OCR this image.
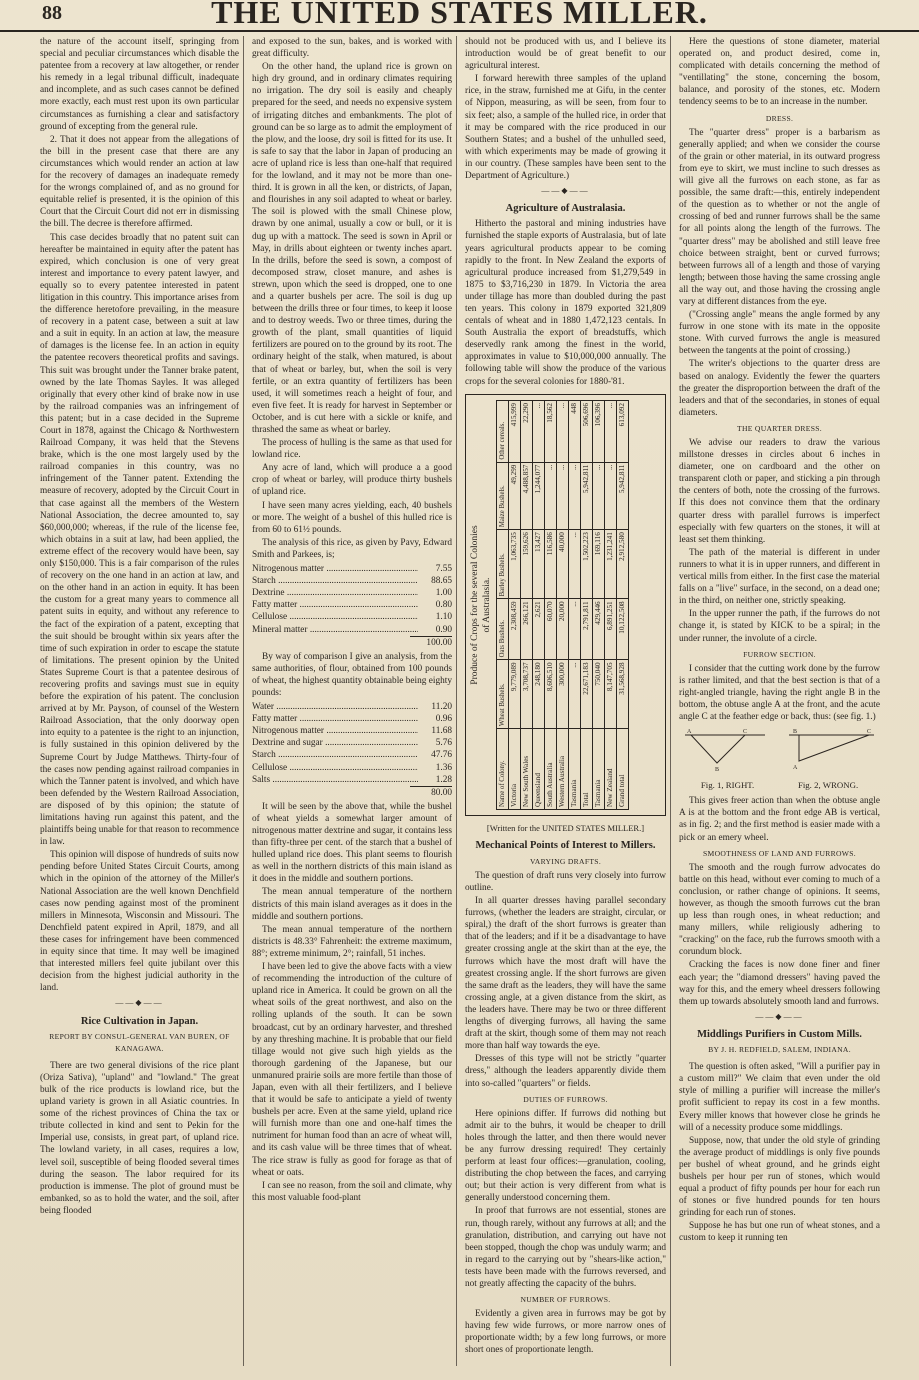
88	THE UNITED STATES MILLER.

the nature of the account itself, springing from special and peculiar circumstances which disable the patentee from a recovery at law altogether, or render his remedy in a legal tribunal difficult, inadequate and incomplete, and as such cases cannot be defined more exactly, each must rest upon its own particular circumstances as furnishing a clear and satisfactory ground of excepting from the general rule.

2. That it does not appear from the allegations of the bill in the present case that there are any circumstances which would render an action at law for the recovery of damages an inadequate remedy for the wrongs complained of, and as no ground for equitable relief is presented, it is the opinion of this Court that the Circuit Court did not err in dismissing the bill. The decree is therefore affirmed.

This case decides broadly that no patent suit can hereafter be maintained in equity after the patent has expired, which conclusion is one of very great interest and importance to every patent lawyer, and equally so to every patentee interested in patent litigation in this country. This importance arises from the difference heretofore prevailing, in the measure of recovery in a patent case, between a suit at law and a suit in equity. In an action at law, the measure of damages is the license fee. In an action in equity the patentee recovers theoretical profits and savings. This suit was brought under the Tanner brake patent, owned by the late Thomas Sayles. It was alleged originally that every other kind of brake now in use by the railroad companies was an infringement of this patent; but in a case decided in the Supreme Court in 1878, against the Chicago & Northwestern Railroad Company, it was held that the Stevens brake, which is the one most largely used by the railroad companies in this country, was no infringement of the Tanner patent. Extending the measure of recovery, adopted by the Circuit Court in that case against all the members of the Western National Association, the decree amounted to, say $60,000,000; whereas, if the rule of the license fee, which obtains in a suit at law, had been applied, the extreme effect of the recovery would have been, say only $150,000. This is a fair comparison of the rules of recovery on the one hand in an action at law, and on the other hand in an action in equity. It has been the custom for a great many years to commence all patent suits in equity, and without any reference to the fact of the expiration of a patent, excepting that the suit should be brought within six years after the time of such expiration in order to escape the statute of limitations. The present opinion by the United States Supreme Court is that a patentee desirous of recovering profits and savings must sue in equity before the expiration of his patent. The conclusion arrived at by Mr. Payson, of counsel of the Western Railroad Association, that the only doorway open into equity to a patentee is the right to an injunction, is fully sustained in this opinion delivered by the Supreme Court by Judge Matthews. Thirty-four of the cases now pending against railroad companies in which the Tanner patent is involved, and which have been defended by the Western Railroad Association, are disposed of by this opinion; the statute of limitations having run against this patent, and the plaintiffs being unable for that reason to recommence in law.

This opinion will dispose of hundreds of suits now pending before United States Circuit Courts, among which in the opinion of the attorney of the Miller's National Association are the well known Denchfield cases now pending against most of the prominent millers in Minnesota, Wisconsin and Missouri. The Denchfield patent expired in April, 1879, and all these cases for infringement have been commenced in equity since that time. It may well be imagined that interested millers feel quite jubilant over this decision from the highest judicial authority in the land.

——◆——
Rice Cultivation in Japan.
REPORT BY CONSUL-GENERAL VAN BUREN, OF KANAGAWA.

There are two general divisions of the rice plant (Oriza Sativa), "upland" and "lowland." The great bulk of the rice products is lowland rice, but the upland variety is grown in all Asiatic countries. In some of the richest provinces of China the tax or tribute collected in kind and sent to Pekin for the Imperial use, consists, in great part, of upland rice. The lowland variety, in all cases, requires a low, level soil, susceptible of being flooded several times during the season. The labor required for its production is immense. The plot of ground must be embanked, so as to hold the water, and the soil, after being flooded

and exposed to the sun, bakes, and is worked with great difficulty.

On the other hand, the upland rice is grown on high dry ground, and in ordinary climates requiring no irrigation. The dry soil is easily and cheaply prepared for the seed, and needs no expensive system of irrigating ditches and embankments. The plot of ground can be so large as to admit the employment of the plow, and the loose, dry soil is fitted for its use. It is safe to say that the labor in Japan of producing an acre of upland rice is less than one-half that required for the lowland, and it may not be more than one-third. It is grown in all the ken, or districts, of Japan, and flourishes in any soil adapted to wheat or barley. The soil is plowed with the small Chinese plow, drawn by one animal, usually a cow or bull, or it is dug up with a mattock. The seed is sown in April or May, in drills about eighteen or twenty inches apart. In the drills, before the seed is sown, a compost of decomposed straw, closet manure, and ashes is strewn, upon which the seed is dropped, one to one and a quarter bushels per acre. The soil is dug up between the drills three or four times, to keep it loose and to destroy weeds. Two or three times, during the growth of the plant, small quantities of liquid fertilizers are poured on to the ground by its root. The ordinary height of the stalk, when matured, is about that of wheat or barley, but, when the soil is very fertile, or an extra quantity of fertilizers has been used, it will sometimes reach a height of four, and even five feet. It is ready for harvest in September or October, and is cut here with a sickle or knife, and thrashed the same as wheat or barley.

The process of hulling is the same as that used for lowland rice.

Any acre of land, which will produce a a good crop of wheat or barley, will produce thirty bushels of upland rice.

I have seen many acres yielding, each, 40 bushels or more. The weight of a bushel of this hulled rice is from 60 to 61½ pounds.

The analysis of this rice, as given by Pavy, Edward Smith and Parkees, is;

Nitrogenous matter .....	7.55
Starch .....	88.65
Dextrine .....	1.00
Fatty matter .....	0.80
Cellulose .....	1.10
Mineral matter .....	0.90
100.00

By way of comparison I give an analysis, from the same authorities, of flour, obtained from 100 pounds of wheat, the highest quantity obtainable being eighty pounds:

Water .....	11.20
Fatty matter .....	0.96
Nitrogenous matter .....	11.68
Dextrine and sugar .....	5.76
Starch .....	47.76
Cellulose .....	1.36
Salts .....	1.28
80.00

It will be seen by the above that, while the bushel of wheat yields a somewhat larger amount of nitrogenous matter dextrine and sugar, it contains less than fifty-three per cent. of the starch that a bushel of hulled upland rice does. This plant seems to flourish as well in the northern districts of this main island as it does in the middle and southern portions.

The mean annual temperature of the northern districts of this main island averages as it does in the middle and southern portions.

The mean annual temperature of the northern districts is 48.33° Fahrenheit: the extreme maximum, 88°; extreme minimum, 2°; rainfall, 51 inches.

I have been led to give the above facts with a view of recommending the introduction of the culture of upland rice in America. It could be grown on all the wheat soils of the great northwest, and also on the rolling uplands of the south. It can be sown broadcast, cut by an ordinary harvester, and threshed by any threshing machine. It is probable that our field tillage would not give such high yields as the thorough gardening of the Japanese, but our unmanured prairie soils are more fertile than those of Japan, even with all their fertilizers, and I believe that it would be safe to anticipate a yield of twenty bushels per acre. Even at the same yield, upland rice will furnish more than one and one-half times the nutriment for human food than an acre of wheat will, and its cash value will be three times that of wheat. The rice straw is fully as good for forage as that of wheat or oats.

I can see no reason, from the soil and climate, why this most valuable food-plant

should not be produced with us, and I believe its introduction would be of great benefit to our agricultural interest.

I forward herewith three samples of the upland rice, in the straw, furnished me at Gifu, in the center of Nippon, measuring, as will be seen, from four to six feet; also, a sample of the hulled rice, in order that it may be compared with the rice produced in our Southern States; and a bushel of the unhulled seed, with which experiments may be made of growing it in our country. (These samples have been sent to the Department of Agriculture.)

——◆——
Agriculture of Australasia.

Hitherto the pastoral and mining industries have furnished the staple exports of Australasia, but of late years agricultural products appear to be coming rapidly to the front. In New Zealand the exports of agricultural produce increased from $1,279,549 in 1875 to $3,716,230 in 1879. In Victoria the area under tillage has more than doubled during the past ten years. This colony in 1879 exported 321,809 centals of wheat and in 1880 1,472,123 centals. In South Australia the export of breadstuffs, which deservedly rank among the finest in the world, approximates in value to $10,000,000 annually. The following table will show the produce of the various crops for the several colonies for 1880-'81.

Produce of Crops for the several Colonies of Australasia.
Name of Colony.	Wheat Bushels.	Oats Bushels.	Barley Bushels.	Maize Bushels.	Other cereals.
Victoria	9,779,089	2,308,459	1,063,735	49,299	415,999
New South Wales	3,708,737	266,121	159,626	4,488,857	22,290
Queensland	248,180	2,621	13,427	1,244,077	...
South Australia	8,606,510	60,070	116,586	...	18,562
Western Australia	300,000	20,000	40,000	...	...
Tasmania	...	...	...	...	448
Total	22,671,183	2,791,811	1,502,223	5,942,811	506,696
Tasmania	750,040	429,446	169,116	...	106,396
New Zealand	8,147,705	6,891,251	1,231,241	...	...
Grand total	31,568,928	10,122,508	2,912,580	5,942,811	613,092
[Written for the UNITED STATES MILLER.]
Mechanical Points of Interest to Millers.
VARYING DRAFTS.

The question of draft runs very closely into furrow outline.

In all quarter dresses having parallel secondary furrows, (whether the leaders are straight, circular, or spiral,) the draft of the short furrows is greater than that of the leaders; and if it be a disadvantage to have greater crossing angle at the skirt than at the eye, the furrows which have the most draft will have the greatest crossing angle. If the short furrows are given the same draft as the leaders, they will have the same crossing angle, at a given distance from the skirt, as the leaders have. There may be two or three different lengths of diverging furrows, all having the same draft at the skirt, though some of them may not reach more than half way towards the eye.

Dresses of this type will not be strictly "quarter dress," although the leaders apparently divide them into so-called "quarters" or fields.

DUTIES OF FURROWS.

Here opinions differ. If furrows did nothing but admit air to the buhrs, it would be cheaper to drill holes through the latter, and then there would never be any furrow dressing required! They certainly perform at least four offices:—granulation, cooling, distributing the chop between the faces, and carrying out; but their action is very different from what is generally understood concerning them.

In proof that furrows are not essential, stones are run, though rarely, without any furrows at all; and the granulation, distribution, and carrying out have not been stopped, though the chop was unduly warm; and in regard to the carrying out by "shears-like action," tests have been made with the furrows reversed, and not greatly affecting the capacity of the buhrs.

NUMBER OF FURROWS.

Evidently a given area in furrows may be got by having few wide furrows, or more narrow ones of proportionate width; by a few long furrows, or more short ones of proportionate length.

Here the questions of stone diameter, material operated on, and product desired, come in, complicated with details concerning the method of "ventillating" the stone, concerning the bosom, balance, and porosity of the stones, etc. Modern tendency seems to be to an increase in the number.

DRESS.

The "quarter dress" proper is a barbarism as generally applied; and when we consider the course of the grain or other material, in its outward progress from eye to skirt, we must incline to such dresses as will give all the furrows on each stone, as far as possible, the same draft:—this, entirely independent of the question as to whether or not the angle of crossing of bed and runner furrows shall be the same for all points along the length of the furrows. The "quarter dress" may be abolished and still leave free choice between straight, bent or curved furrows; between furrows all of a length and those of varying length; between those having the same crossing angle all the way out, and those having the crossing angle vary at different distances from the eye.

("Crossing angle" means the angle formed by any furrow in one stone with its mate in the opposite stone. With curved furrows the angle is measured between the tangents at the point of crossing.)

The writer's objections to the quarter dress are based on analogy. Evidently the fewer the quarters the greater the disproportion between the draft of the leaders and that of the secondaries, in stones of equal diameters.

THE QUARTER DRESS.

We advise our readers to draw the various millstone dresses in circles about 6 inches in diameter, one on cardboard and the other on transparent cloth or paper, and sticking a pin through the centers of both, note the crossing of the furrows. If this does not convince them that the ordinary quarter dress with parallel furrows is imperfect especially with few quarters on the stones, it will at least set them thinking.

The path of the material is different in under runners to what it is in upper runners, and different in vertical mills from either. In the first case the material falls on a "live" surface, in the second, on a dead one; in the third, on neither one, strictly speaking.

In the upper runner the path, if the furrows do not change it, is stated by KICK to be a spiral; in the under runner, the involute of a circle.

FURROW SECTION.

I consider that the cutting work done by the furrow is rather limited, and that the best section is that of a right-angled triangle, having the right angle B in the bottom, the obtuse angle A at the front, and the acute angle C at the feather edge or back, thus: (see fig. 1.)

A
B
C	B
A
C
Fig. 1, RIGHT.	Fig. 2, WRONG.

This gives freer action than when the obtuse angle A is at the bottom and the front edge AB is vertical, as in fig. 2; and the first method is easier made with a pick or an emery wheel.

SMOOTHNESS OF LAND AND FURROWS.

The smooth and the rough furrow advocates do battle on this head, without ever coming to much of a conclusion, or rather change of opinions. It seems, however, as though the smooth furrows cut the bran up less than rough ones, in wheat reduction; and many millers, while religiously adhering to "cracking" on the face, rub the furrows smooth with a corundum block.

Cracking the faces is now done finer and finer each year; the "diamond dressers" having paved the way for this, and the emery wheel dressers following them up towards absolutely smooth land and furrows.

——◆——
Middlings Purifiers in Custom Mills.
BY J. H. REDFIELD, SALEM, INDIANA.

The question is often asked, "Will a purifier pay in a custom mill?" We claim that even under the old style of milling a purifier will increase the miller's profit sufficient to repay its cost in a few months. Every miller knows that however close he grinds he will of a necessity produce some middlings.

Suppose, now, that under the old style of grinding the average product of middlings is only five pounds per bushel of wheat ground, and he grinds eight bushels per hour per run of stones, which would equal a product of fifty pounds per hour for each run of stones or five hundred pounds for ten hours grinding for each run of stones.

Suppose he has but one run of wheat stones, and a custom to keep it running ten
